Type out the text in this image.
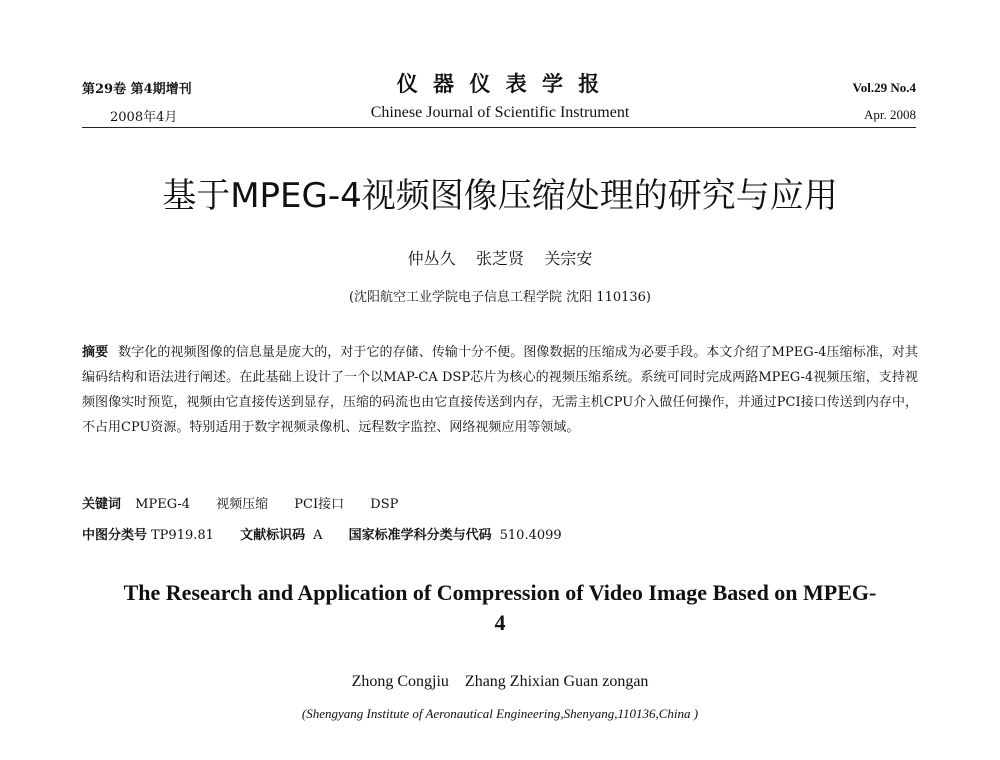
第29卷 第4期增刊
2008年4月
仪 器 仪 表 学 报
Chinese Journal of Scientific Instrument
Vol.29 No.4
Apr. 2008
基于MPEG-4视频图像压缩处理的研究与应用
仲丛久    张芝贤    关宗安
(沈阳航空工业学院电子信息工程学院 沈阳 110136)
摘要 数字化的视频图像的信息量是庞大的，对于它的存储、传输十分不便。图像数据的压缩成为必要手段。本文介绍了MPEG-4压缩标准，对其编码结构和语法进行阐述。在此基础上设计了一个以MAP-CA DSP芯片为核心的视频压缩系统。系统可同时完成两路MPEG-4视频压缩，支持视频图像实时预览，视频由它直接传送到显存，压缩的码流也由它直接传送到内存，无需主机CPU介入做任何操作，并通过PCI接口传送到内存中，不占用CPU资源。特别适用于数字视频录像机、远程数字监控、网络视频应用等领域。
关键词 MPEG-4 视频压缩 PCI接口 DSP
中图分类号 TP919.81 文献标识码 A 国家标准学科分类与代码 510.4099
The Research and Application of Compression of Video Image Based on MPEG-4
Zhong Congjiu    Zhang Zhixian Guan zongan
(Shengyang Institute of Aeronautical Engineering,Shenyang,110136,China )
